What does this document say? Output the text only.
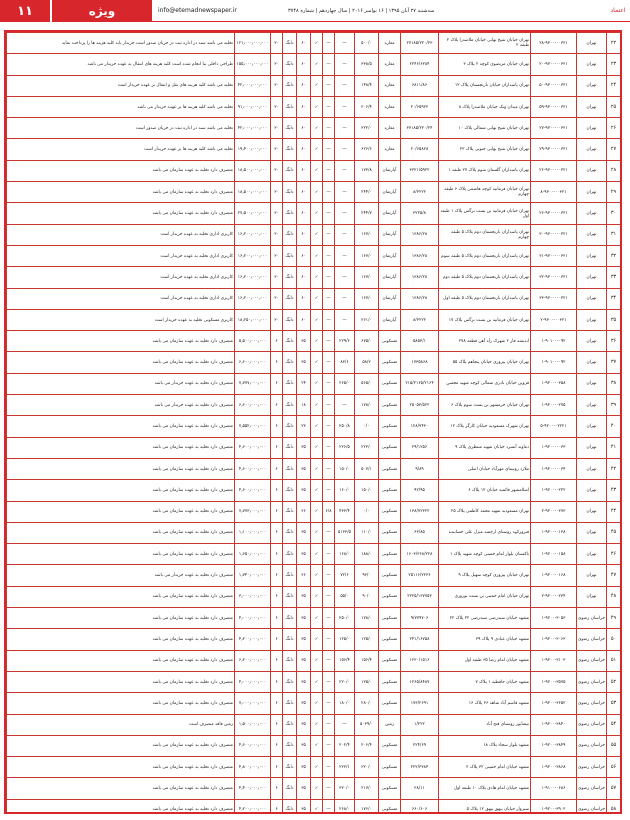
۱۱	ویژه	info@etemadnewspaper.ir	سه‌شنبه ۲۷ آبان ۱۳۹۵ | ۱۶ نوامبر ۲۰۱۶ | سال چهاردهم | شماره ۳۷۴۸	اعتماد
۲۲	تهران	۲۸-۹۳۰۰-۰۰۳۲۱	تهران خیابان شیخ بهایی خیابان ملاصدرا پلاک ۲ طبقه ۲	۲۷۱۸۵/۲۲۰/۲۳	مغازه	۵۰۰/۰	—	—	✓	۶۰	دانگ	۳۰	۱۲۱٫۰۰۰٫۰۰۰٫۰۰۰	تخلیه می باشد سند در اداره ثبت در جریان صدور است خریدار باید کلیه هزینه ها را پرداخت نماید
۲۳	تهران	۲۰-۹۳۰۰-۰۰۳۲۱	تهران خیابان مرتضوی کوچه ۲ پلاک ۳	۲۲۴۶/۶۲۸۴	مغازه	۳۳۸/۵	—	—	✓	۶۰	دانگ	۳۰	۱۵۵٫۰۰۰٫۰۰۰٫۰۰۰	طراحی داخلی بنا انجام شده است کلیه هزینه های انتقال به عهده خریدار می باشد
۲۴	تهران	۵۰-۹۳۰۰-۰۰۳۲۱	تهران پاسداران خیابان نارنجستان پلاک ۱۲	۶۸۱۱/۸۶	مغازه	۱۴۸/۴	—	—	✓	۶۰	دانگ	۳۰	۴۲٫۰۰۰٫۰۰۰٫۰۰۰	تخلیه می باشد کلیه هزینه های نقل و انتقال بر عهده خریدار است
۲۵	تهران	۵۹-۹۳۰۰-۰۰۳۲۱	تهران میدان ونک خیابان ملاصدرا پلاک ۸	۲۰/۶۵۹۲۲	مغازه	۲۰۶/۴	—	—	✓	۶۰	دانگ	۳۰	۹۱٫۰۰۰٫۰۰۰٫۰۰۰	تخلیه می باشد کلیه هزینه ها بر عهده خریدار می باشد
۲۶	تهران	۲۷-۹۳۰۰-۰۰۳۲۱	تهران خیابان شیخ بهایی شمالی پلاک ۱۰	۳۷۱۸۵/۲۲۰/۲۴	مغازه	۳۲۲/۰	—	—	✓	۶۰	دانگ	۳۰	۴۲٫۰۰۰٫۰۰۰٫۰۰۰	تخلیه می باشد سند در اداره ثبت در جریان صدور است
۲۷	تهران	۲۹-۹۳۰۰-۰۰۳۲۱	تهران خیابان شیخ بهایی جنوبی پلاک ۲۲	۲۰/۶۵۸۲۸	مغازه	۶۲۶/۶	—	—	✓	۶۰	دانگ	۳۰	۱۹٫۴۰۰٫۰۰۰٫۰۰۰	تخلیه می باشد کلیه هزینه ها بر عهده خریدار است
۲۸	تهران	۲۶-۹۳۰۰-۰۰۳۲۱	تهران پاسداران گلستان سوم پلاک ۲۷ طبقه ۱	۳۳۲۱/۵۹۲۲	آپارتمان	۱۷۳/۸	—	—	✓	۶۰	دانگ	۳۰	۱۸٫۵۰۰٫۰۰۰٫۰۰۰	متصرف دارد تخلیه به عهده سازمان می باشد
۲۹	تهران	۸-۹۳۰۰-۰۰۳۲۱	تهران خیابان فرمانیه کوچه هاشمی پلاک ۶ طبقه چهارم	۸/۳۲۲۲	آپارتمان	۲۴۴/۰	—	—	✓	۶۰	دانگ	۳۰	۱۸٫۵۰۰٫۰۰۰٫۰۰۰	متصرف دارد تخلیه به عهده سازمان می باشد
۳۰	تهران	۲۶-۹۳۰۰-۰۰۳۲۱	تهران خیابان فرمانیه بن بست نرگس پلاک ۱ طبقه اول	۳۲۲۵/۸	آپارتمان	۲۴۴/۷	—	—	✓	۶۰	دانگ	۳۰	۲۷٫۵۰۰٫۰۰۰٫۰۰۰	متصرف دارد تخلیه به عهده سازمان می باشد
۳۱	تهران	۳۰-۹۳۰۰-۰۰۳۲۱	تهران پاسداران نارنجستان دوم پلاک ۵ طبقه چهارم	۱۳۸۶/۲۸	آپارتمان	۱۶۷/۰	—	—	✓	۶۰	دانگ	۳۰	۱۶٫۲۰۰٫۰۰۰٫۰۰۰	کاربری اداری تخلیه به عهده خریدار است
۳۲	تهران	۳۱-۹۳۰۰-۰۰۳۲۱	تهران پاسداران نارنجستان دوم پلاک ۵ طبقه سوم	۱۳۸۶/۲۸	آپارتمان	۱۶۷/۰	—	—	✓	۶۰	دانگ	۳۰	۱۶٫۲۰۰٫۰۰۰٫۰۰۰	کاربری اداری تخلیه به عهده خریدار است
۳۳	تهران	۳۲-۹۳۰۰-۰۰۳۲۱	تهران پاسداران نارنجستان دوم پلاک ۵ طبقه دوم	۱۳۸۶/۲۸	آپارتمان	۱۶۷/۰	—	—	✓	۶۰	دانگ	۳۰	۱۶٫۲۰۰٫۰۰۰٫۰۰۰	کاربری اداری تخلیه به عهده خریدار است
۳۴	تهران	۳۳-۹۳۰۰-۰۰۳۲۱	تهران پاسداران نارنجستان دوم پلاک ۵ طبقه اول	۱۳۸۶/۲۸	آپارتمان	۱۶۷/۰	—	—	✓	۶۰	دانگ	۳۰	۱۶٫۲۰۰٫۰۰۰٫۰۰۰	کاربری اداری تخلیه به عهده خریدار است
۳۵	تهران	۲-۹۳۰۰-۰۰۳۲۱	تهران خیابان فرمانیه بن بست نرگس پلاک ۱۷	۸/۳۲۲۲	آپارتمان	۲۶۱/۰	—	—	✓	۶۰	دانگ	۳۰	۱۸٫۲۵۰٫۰۰۰٫۰۰۰	کاربری مسکونی تخلیه به عهده خریدار است
۳۶	تهران	۱-۹۰۱۰۰-۰۹۲	اندیشه فاز ۲ شهرک راه آهن قطعه ۲۷۸	۵۸۵۳/۱	مسکونی	۶۷۵/۰	۲۲۹/۶	—	✓	۳۵	دانگ	۶	۵٫۵۰۰٫۰۰۰٫۰۰۰	متصرف دارد تخلیه به عهده سازمان می باشد
۳۷	تهران	۱-۹۰۱۰۰-۰۹۲	تهران خیابان پیروزی خیابان پنجاهم پلاک ۵۵	۱۷۳۵۸۶۸	مسکونی	۵۸/۳	۸۳/۶	—	✓	۳۵	دانگ	۶	۶٫۶۰۰٫۰۰۰٫۰۰۰	متصرف دارد تخلیه به عهده سازمان می باشد
۳۸	تهران	۱-۹۲۰۰-۰۳۵۸	قزوین خیابان نادری شمالی کوچه شهید محسن	۲۱۵/۲۱۶۵/۲۱۶۴	مسکونی	۵۶۵/۰	۲۶۵/۰	—	✓	۲۴	دانگ	۶	۷٫۷۷۷٫۰۰۰٫۰۰۰	متصرف دارد تخلیه به عهده خریدار می باشد
۳۹	تهران	۱-۹۲۰۰-۰۲۷۵	تهران خیابان خرمشهر بن بست سوم پلاک ۶	۲۵۰۵۳/۵۲۲	مسکونی	۱۷۸/۰	—	—	✓	۱۸	دانگ	۶	۶٫۶۰۰٫۰۰۰٫۰۰۰	متصرف دارد تخلیه به عهده خریدار می باشد
۴۰	تهران	۵-۹۲۰۰-۰۲۲۲۱	تهران شهرک مسعودیه خیابان کارگر پلاک ۱۲	۱۲۸/۷۴۳۰	مسکونی	۰/۰	۲۵۰/۸	—	✓	۲۳	دانگ	۶	۷٫۵۵۲٫۰۰۰٫۰۰۰	متصرف دارد تخلیه به عهده سازمان می باشد
۴۱	تهران	۱-۹۲۰۰-۰۰۳۳	دماوند آبسرد خیابان شهید منتظری پلاک ۹	۲۹/۱۲۵۶	مسکونی	۲۲۳/۰	۲۲۶/۵	—	✓	۳۵	دانگ	۶	۴٫۶۰۰٫۰۰۰٫۰۰۰	متصرف دارد تخلیه به عهده سازمان می باشد
۴۲	تهران	۱-۹۲۰۰-۰۰۳۴	ملارد روستای مهرآباد خیابان اصلی	۹/۸۹	مسکونی	۵۰۷/۱	۱۵۰/۰	—	✓	۳۵	دانگ	۶	۴٫۶۰۰٫۰۰۰٫۰۰۰	متصرف دارد تخلیه به عهده سازمان می باشد
۴۳	تهران	۱-۹۲۰۰-۰۲۲۲	اسلامشهر قائمیه خیابان ۱۲ پلاک ۶	۹۲/۹۵	مسکونی	۱۵۰/۰	۱۶۰/۰	—	✓	۳۵	دانگ	۶	۴٫۶۰۰٫۰۰۰٫۰۰۰	متصرف دارد تخلیه به عهده سازمان می باشد
۴۴	تهران	۲-۹۲۰۰-۰۳۷۳	تهران مسعودیه شهید محمد کاظمی پلاک ۲۵	۱۳۸/۷۲۳۲۲	مسکونی	۰/۰	۴۳۳/۴	۶/۸	✓	۲۶	دانگ	۶	۷٫۷۷۳٫۰۰۰٫۰۰۰	متصرف دارد تخلیه به عهده سازمان می باشد
۴۵	تهران	۱-۹۲۰۰-۰۱۳۸	فیروزکوه روستای ارجمند منزل علی حسابنده	۶۳/۸۵	مسکونی	۱۱۰/۰	۵۱۳۳/۵	—	✓	۳۵	دانگ	۶	۱٫۱۰۰٫۰۰۰٫۰۰۰	متصرف دارد تخلیه به عهده سازمان می باشد
۴۶	تهران	۱-۹۲۰۰-۰۱۵۸	تاکستان بلوار امام خمینی کوچه شهید پلاک ۱	۱۶۰۳/۳۶۸/۲۲۸	مسکونی	۱۸۸/۰	۱۶۸/۰	—	✓	۳۵	دانگ	۶	۱٫۶۵۰٫۰۰۰٫۰۰۰	متصرف دارد تخلیه به عهده سازمان می باشد
۴۷	تهران	۱-۹۲۰۰-۰۱۶۸	تهران خیابان پیروزی کوچه سهیل پلاک ۹	۲۵۱۱۶/۲۲۳۶	مسکونی	۹۳/۰	۷۲/۶	—	✓	۲۶	دانگ	۶	۱٫۷۴۰٫۰۰۰٫۰۰۰	متصرف دارد تخلیه به عهده خریدار می باشد
۴۸	تهران	۲-۹۲۰۰-۰۲۳۴	تهران خیابان امام خمینی بن بست نوروزی	۲۲۲۵/۱۳۷۷۵۳	مسکونی	۹۰/۰	۵۵/۰	—	✓	۳۵	دانگ	۶	۳٫۰۰۰٫۰۰۰٫۰۰۰	متصرف دارد تخلیه به عهده سازمان می باشد
۴۹	خراسان رضوی	۱-۹۲۰۰-۳۰۵۳	مشهد خیابان سیدرضی سیدرضی ۲۲ پلاک ۲۲	۹/۷۷۹۷۰۶	مسکونی	۱۷۸/۰	۲۵۰/۰	—	✓	۳۵	دانگ	۶	۴٫۰۰۰٫۰۰۰٫۰۰۰	متصرف دارد تخلیه به عهده سازمان می باشد
۵۰	خراسان رضوی	۱-۹۲۰۰-۳۰۶۳	مشهد خیابان عبادی ۹ پلاک ۳۹	۲۴۱/۱۶۷۵۸	مسکونی	۱۲۵/۰	۱۲۵/۰	—	✓	۳۵	دانگ	۶	۴٫۲۰۰٫۰۰۰٫۰۰۰	متصرف دارد تخلیه به عهده سازمان می باشد
۵۱	خراسان رضوی	۱-۹۲۰۰-۳۱۰۳	مشهد خیابان امام رضا ۳۵ طبقه اول	۱۲۳۰/۱۵۱۶	مسکونی	۱۵۶/۴	۱۵۶/۴	—	✓	۳۵	دانگ	۶	۶٫۲۰۰٫۰۰۰٫۰۰۰	متصرف دارد تخلیه به عهده سازمان می باشد
۵۲	خراسان رضوی	۱-۹۲۰۰-۳۵۷۵	مشهد خیابان حافظیه ۱ پلاک ۷	۱۲۶۵/۸۴۸۷	مسکونی	۱۳۵/۰	۲۲۰/۰	—	✓	۳۵	دانگ	۶	۴٫۰۰۰٫۰۰۰٫۰۰۰	متصرف دارد تخلیه به عهده سازمان می باشد
۵۳	خراسان رضوی	۱-۹۲۰۰-۳۶۵۲	مشهد قاسم آباد شاهد ۳۶ پلاک ۱۶	۱۷۳/۲۶۹۱	مسکونی	۲۸۰/۰	۱۸۰/۰	—	✓	۳۵	دانگ	۶	۷٫۰۰۰٫۰۰۰٫۰۰۰	متصرف دارد تخلیه به عهده سازمان می باشد
۵۴	خراسان رضوی	۱-۹۲۰۰-۳۸۴۰	نیشابور روستای فتح آباد	۱/۲۲۲	زمین	۵۰۳۹/۰	—	—	✓	۳۵	دانگ	۶	۱٫۵۰۰٫۰۰۰٫۰۰۰	زمین فاقد متصرف است
۵۵	خراسان رضوی	۱-۹۲۰۰-۳۸۴۹	مشهد بلوار سجاد پلاک ۱۸	۲۲۴/۶۹	مسکونی	۲۰۶/۴	۲۰۲/۴	—	✓	۳۵	دانگ	۶	۴٫۶۰۰٫۰۰۰٫۰۰۰	متصرف دارد تخلیه به عهده سازمان می باشد
۵۶	خراسان رضوی	۱-۹۲۰۰-۳۸۶۸	مشهد خیابان امام خمینی ۳۲ پلاک ۲	۲۲۲/۳۳۸۴	مسکونی	۳۲۰/۰	۲۲۳/۱	—	✓	۳۵	دانگ	۶	۴٫۸۰۰٫۰۰۰٫۰۰۰	متصرف دارد تخلیه به عهده سازمان می باشد
۵۷	خراسان رضوی	۱-۹۱۰۰-۰۶۸۶	مشهد خیابان امام هادی پلاک ۱۰ طبقه اول	۲۸/۱۱	مسکونی	۲۱۷/۰	۳۲۰/۰	—	✓	۳۵	دانگ	۶	۴٫۴۰۰٫۰۰۰٫۰۰۰	متصرف دارد تخلیه به عهده سازمان می باشد
۵۸	خراسان رضوی	۱-۹۲۰۰-۳۹۰۲	سبزوار خیابان بیهق بیهق ۱۲ پلاک ۵	۶۶۰/۶۰۶	مسکونی	۱۷۶/۰	۲۶۸/۰	—	✓	۳۵	دانگ	۶	۴٫۲۰۰٫۰۰۰٫۰۰۰	متصرف دارد تخلیه به عهده سازمان می باشد
